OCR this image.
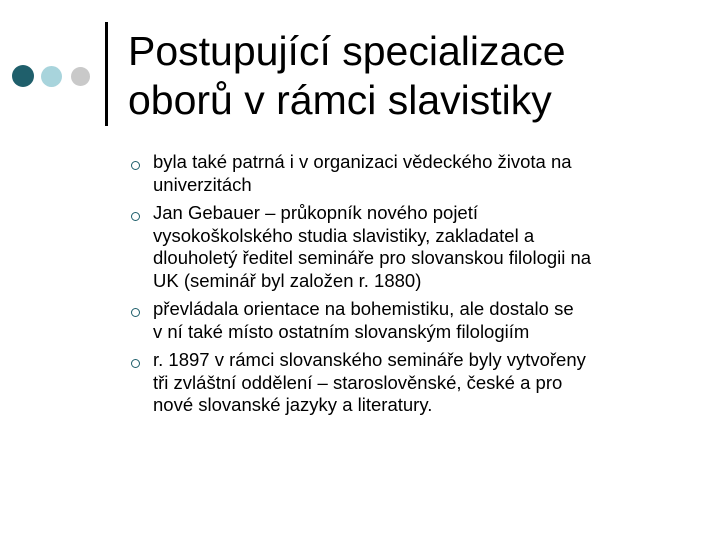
Postupující specializace
oborů v rámci slavistiky
byla také patrná i v organizaci vědeckého života na
univerzitách
Jan Gebauer – průkopník nového pojetí
vysokoškolského studia slavistiky, zakladatel a
dlouholetý ředitel semináře pro slovanskou filologii na
UK (seminář byl založen r. 1880)
převládala orientace na bohemistiku, ale dostalo se
v ní také místo ostatním slovanským filologiím
r. 1897 v rámci slovanského semináře byly vytvořeny
tři zvláštní oddělení – staroslověnské, české a pro
nové slovanské jazyky a literatury.
